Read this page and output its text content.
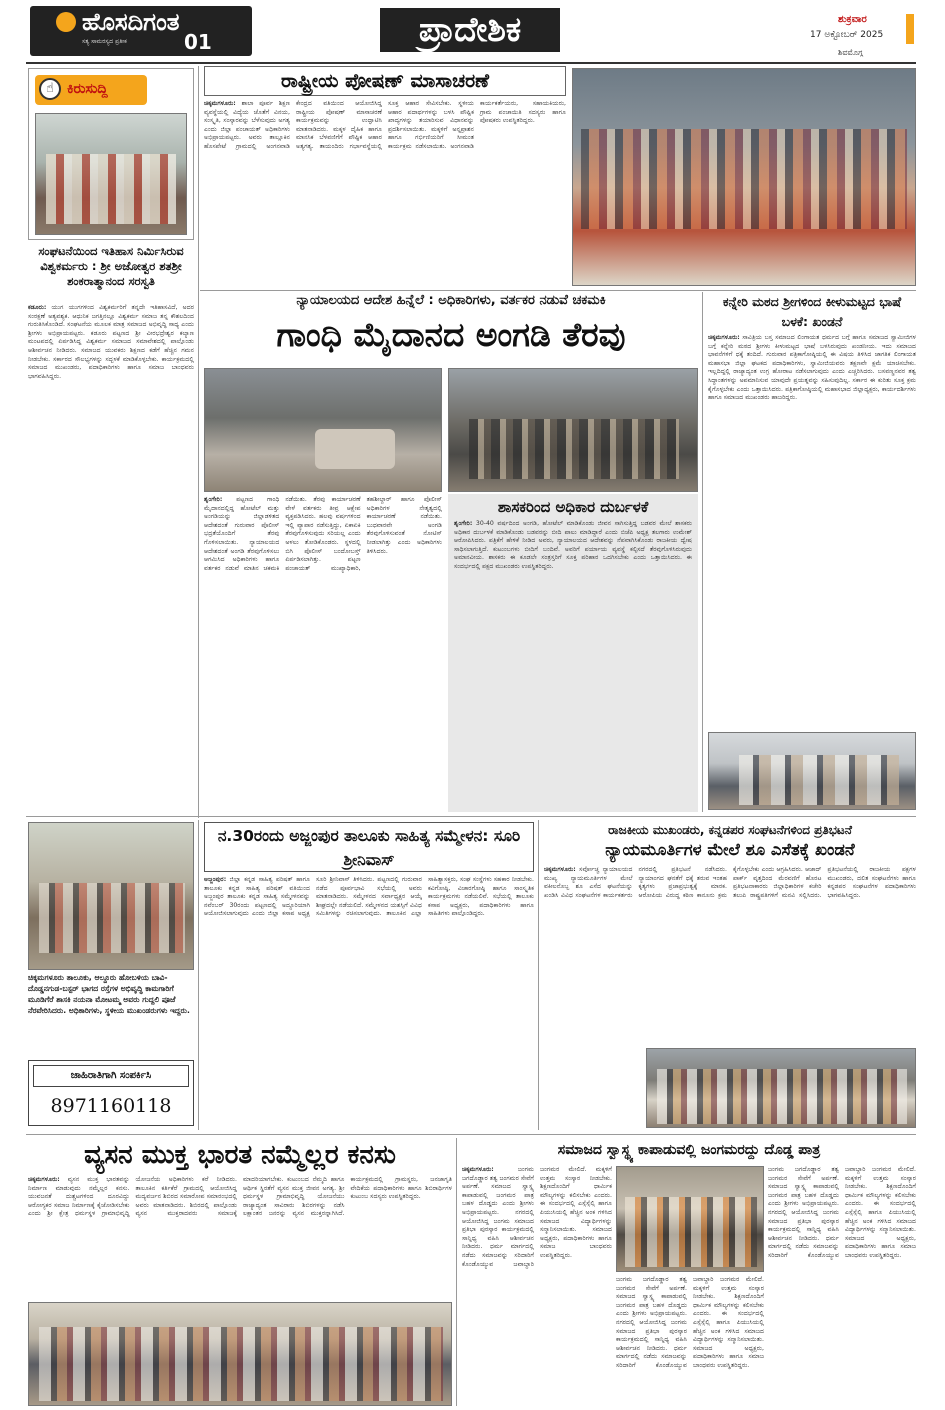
ಹೊಸದಿಗಂತ
ಸತ್ಯ ಸಾಮರಸ್ಯದ ಪ್ರತೀಕ	01	ಪ್ರಾದೇಶಿಕ	ಶುಕ್ರವಾರ
17 ಅಕ್ಟೋಬರ್ 2025
ಶಿವಮೊಗ್ಗ
☝ ಕಿರುಸುದ್ದಿ
ಸಂಘಟನೆಯಿಂದ ಇತಿಹಾಸ ನಿರ್ಮಿಸಿರುವ ವಿಶ್ವಕರ್ಮರು : ಶ್ರೀ ಅಜೋತ್ವರ ಶತಶ್ರೀ ಶಂಕರಾತ್ಮಾನಂದ ಸರಸ್ವತಿ
ಕಡೂರು: ಯುಗ ಯುಗಗಳಿಂದ ವಿಶ್ವಕರ್ಮರಿಗೆ ತನ್ನದೇ ಇತಿಹಾಸವಿದೆ, ಅದರ ಸಂರಕ್ಷಣೆ ಅತ್ಯವಶ್ಯಕ. ಆಧುನಿಕ ಜಗತ್ತಿನಲ್ಲೂ ವಿಶ್ವಕರ್ಮ ಸಮಾಜ ತನ್ನ ಕೌಶಲದಿಂದ ಗುರುತಿಸಿಕೊಂಡಿದೆ. ಸಂಘಟನೆಯ ಮೂಲಕ ಮಾತ್ರ ಸಮಾಜದ ಅಭಿವೃದ್ಧಿ ಸಾಧ್ಯ ಎಂದು ಶ್ರೀಗಳು ಅಭಿಪ್ರಾಯಪಟ್ಟರು. ಕಡೂರು ಪಟ್ಟಣದ ಶ್ರೀ ವೀರಭದ್ರೇಶ್ವರ ಕಲ್ಯಾಣ ಮಂಟಪದಲ್ಲಿ ಏರ್ಪಡಿಸಿದ್ದ ವಿಶ್ವಕರ್ಮ ಸಮಾಜದ ಸಮಾವೇಶದಲ್ಲಿ ಪಾಲ್ಗೊಂಡು ಆಶೀರ್ವಚನ ನೀಡಿದರು. ಸಮಾಜದ ಯುವಕರು ಶಿಕ್ಷಣದ ಕಡೆಗೆ ಹೆಚ್ಚಿನ ಗಮನ ನೀಡಬೇಕು. ಸರ್ಕಾರದ ಸೌಲಭ್ಯಗಳನ್ನು ಸದ್ಬಳಕೆ ಮಾಡಿಕೊಳ್ಳಬೇಕು. ಕಾರ್ಯಕ್ರಮದಲ್ಲಿ ಸಮಾಜದ ಮುಖಂಡರು, ಪದಾಧಿಕಾರಿಗಳು ಹಾಗೂ ಸಮಾಜ ಬಾಂಧವರು ಭಾಗವಹಿಸಿದ್ದರು.
ರಾಷ್ಟ್ರೀಯ ಪೋಷಣ್ ಮಾಸಾಚರಣೆ
ಚಿಕ್ಕಮಗಳೂರು: ಶಾಲಾ ಪೂರ್ವ ಶಿಕ್ಷಣ ವ್ಯವಸ್ಥೆಯಲ್ಲಿ ವಿದ್ಯೆಯ ಜೊತೆಗೆ ವಿನಯ, ಸಂಸ್ಕೃತಿ, ಸಂಸ್ಕಾರವನ್ನು ಬೆಳೆಸುವುದು ಅಗತ್ಯ ಎಂದು ಜಿಲ್ಲಾ ಪಂಚಾಯತ್ ಅಧಿಕಾರಿಗಳು ಅಭಿಪ್ರಾಯಪಟ್ಟರು. ಅವರು ತಾಲ್ಲೂಕಿನ ಹೊಸಪೇಟೆ ಗ್ರಾಮದಲ್ಲಿ ಅಂಗನವಾಡಿ ಕೇಂದ್ರದ ವತಿಯಿಂದ ಆಯೋಜಿಸಿದ್ದ ರಾಷ್ಟ್ರೀಯ ಪೋಷಣ್ ಮಾಸಾಚರಣೆ ಕಾರ್ಯಕ್ರಮವನ್ನು ಉದ್ಘಾಟಿಸಿ ಮಾತನಾಡಿದರು. ಮಕ್ಕಳ ದೈಹಿಕ ಹಾಗೂ ಮಾನಸಿಕ ಬೆಳವಣಿಗೆಗೆ ಪೌಷ್ಟಿಕ ಆಹಾರ ಅತ್ಯಗತ್ಯ. ತಾಯಂದಿರು ಗರ್ಭಾವಸ್ಥೆಯಲ್ಲಿ ಸೂಕ್ತ ಆಹಾರ ಸೇವಿಸಬೇಕು. ಸ್ಥಳೀಯ ಆಹಾರ ಪದಾರ್ಥಗಳನ್ನು ಬಳಸಿ ಪೌಷ್ಟಿಕ ಖಾದ್ಯಗಳನ್ನು ತಯಾರಿಸುವ ವಿಧಾನವನ್ನು ಪ್ರದರ್ಶಿಸಲಾಯಿತು. ಮಕ್ಕಳಿಗೆ ಅನ್ನಪ್ರಾಶನ ಹಾಗೂ ಗರ್ಭಿಣಿಯರಿಗೆ ಸೀಮಂತ ಕಾರ್ಯಕ್ರಮ ನಡೆಸಲಾಯಿತು. ಅಂಗನವಾಡಿ ಕಾರ್ಯಕರ್ತೆಯರು, ಸಹಾಯಕಿಯರು, ಗ್ರಾಮ ಪಂಚಾಯಿತಿ ಸದಸ್ಯರು ಹಾಗೂ ಪೋಷಕರು ಉಪಸ್ಥಿತರಿದ್ದರು.
ನ್ಯಾಯಾಲಯದ ಆದೇಶ ಹಿನ್ನೆಲೆ : ಅಧಿಕಾರಿಗಳು, ವರ್ತಕರ ನಡುವೆ ಚಕಮಕಿ
ಗಾಂಧಿ ಮೈದಾನದ ಅಂಗಡಿ ತೆರವು
ಶೃಂಗೇರಿ: ಪಟ್ಟಣದ ಗಾಂಧಿ ಮೈದಾನದಲ್ಲಿದ್ದ ಹೋಟೆಲ್ ಮತ್ತು ಅಂಗಡಿಯನ್ನು ಜಿಲ್ಲಾಡಳಿತದ ಆದೇಶದಂತೆ ಗುರುವಾರ ಪೊಲೀಸ್ ಭದ್ರತೆಯೊಂದಿಗೆ ತೆರವು ಗೊಳಿಸಲಾಯಿತು. ನ್ಯಾಯಾಲಯದ ಆದೇಶದಂತೆ ಅಂಗಡಿ ತೆರವುಗೊಳಿಸಲು ಆಗಮಿಸಿದ ಅಧಿಕಾರಿಗಳು ಹಾಗೂ ವರ್ತಕರ ನಡುವೆ ಮಾತಿನ ಚಕಮಕಿ ನಡೆಯಿತು. ತೆರವು ಕಾರ್ಯಾಚರಣೆ ವೇಳೆ ವರ್ತಕರು ತೀವ್ರ ಆಕ್ಷೇಪ ವ್ಯಕ್ತಪಡಿಸಿದರು. ಹಲವು ವರ್ಷಗಳಿಂದ ಇಲ್ಲಿ ವ್ಯಾಪಾರ ನಡೆಸುತ್ತಿದ್ದು, ಏಕಾಏಕಿ ತೆರವುಗೊಳಿಸುವುದು ಸರಿಯಲ್ಲ ಎಂದು ಅಳಲು ತೋಡಿಕೊಂಡರು. ಸ್ಥಳದಲ್ಲಿ ಬಿಗಿ ಪೊಲೀಸ್ ಬಂದೋಬಸ್ತ್ ಏರ್ಪಡಿಸಲಾಗಿತ್ತು. ಪಟ್ಟಣ ಪಂಚಾಯತ್ ಮುಖ್ಯಾಧಿಕಾರಿ, ತಹಶೀಲ್ದಾರ್ ಹಾಗೂ ಪೊಲೀಸ್ ಅಧಿಕಾರಿಗಳ ನೇತೃತ್ವದಲ್ಲಿ ಕಾರ್ಯಾಚರಣೆ ನಡೆಯಿತು. ಬುಧವಾರವೇ ಅಂಗಡಿ ತೆರವುಗೊಳಿಸುವಂತೆ ನೋಟಿಸ್ ನೀಡಲಾಗಿತ್ತು ಎಂದು ಅಧಿಕಾರಿಗಳು ತಿಳಿಸಿದರು.
ಶಾಸಕರಿಂದ ಅಧಿಕಾರ ದುರ್ಬಳಕೆ
ಶೃಂಗೇರಿ: 30-40 ವರ್ಷದಿಂದ ಅಂಗಡಿ, ಹೋಟೆಲ್ ಮಾಡಿಕೊಂಡು ಜೀವನ ಸಾಗಿಸುತ್ತಿದ್ದ ಬಡವರ ಮೇಲೆ ಶಾಸಕರು ಅಧಿಕಾರ ದುರ್ಬಳಕೆ ಮಾಡಿಕೊಂಡು ಬಡವರನ್ನು ಬೀದಿ ಪಾಲು ಮಾಡಿದ್ದಾರೆ ಎಂದು ಬಿಜೆಪಿ ಅಧ್ಯಕ್ಷ ತಲಗಾರು ಉಮೇಶ್ ಆರೋಪಿಸಿದರು. ಪತ್ರಿಕೆಗೆ ಹೇಳಿಕೆ ನೀಡಿದ ಅವರು, ನ್ಯಾಯಾಲಯದ ಆದೇಶವನ್ನು ನೆಪವಾಗಿಸಿಕೊಂಡು ರಾಜಕೀಯ ದ್ವೇಷ ಸಾಧಿಸಲಾಗುತ್ತಿದೆ. ಕುಟುಂಬಗಳು ಬೀದಿಗೆ ಬಂದಿವೆ. ಅವರಿಗೆ ಪರ್ಯಾಯ ವ್ಯವಸ್ಥೆ ಕಲ್ಪಿಸದೆ ತೆರವುಗೊಳಿಸಿರುವುದು ಅಮಾನವೀಯ. ಶಾಸಕರು ಈ ಕೂಡಲೇ ಸಂತ್ರಸ್ತರಿಗೆ ಸೂಕ್ತ ಪರಿಹಾರ ಒದಗಿಸಬೇಕು ಎಂದು ಒತ್ತಾಯಿಸಿದರು. ಈ ಸಂದರ್ಭದಲ್ಲಿ ಪಕ್ಷದ ಮುಖಂಡರು ಉಪಸ್ಥಿತರಿದ್ದರು.
ಕನ್ನೇರಿ ಮಠದ ಶ್ರೀಗಳಿಂದ ಕೀಳುಮಟ್ಟದ ಭಾಷೆ ಬಳಕೆ: ಖಂಡನೆ
ಚಿಕ್ಕಮಗಳೂರು: ಸಾವಿತ್ರಿಯ ಬಸ್ತ ಸಮಾಜದ ಲಿಂಗಾಯತ ಧರ್ಮದ ಬಗ್ಗೆ ಹಾಗೂ ಸಮಾಜದ ಸ್ವಾಮೀಜಿಗಳ ಬಗ್ಗೆ ಕನ್ನೇರಿ ಮಠದ ಶ್ರೀಗಳು ಕೀಳುಮಟ್ಟದ ಭಾಷೆ ಬಳಸಿರುವುದು ಖಂಡನೀಯ. ಇದು ಸಮಾಜದ ಭಾವನೆಗಳಿಗೆ ಧಕ್ಕೆ ತಂದಿದೆ. ಗುರುವಾರ ಪತ್ರಿಕಾಗೋಷ್ಠಿಯಲ್ಲಿ ಈ ವಿಷಯ ತಿಳಿಸಿದ ಜಾಗತಿಕ ಲಿಂಗಾಯತ ಮಹಾಸಭಾ ಜಿಲ್ಲಾ ಘಟಕದ ಪದಾಧಿಕಾರಿಗಳು, ಸ್ವಾಮೀಜಿಯವರು ತಕ್ಷಣವೇ ಕ್ಷಮೆ ಯಾಚಿಸಬೇಕು. ಇಲ್ಲದಿದ್ದಲ್ಲಿ ರಾಜ್ಯಾದ್ಯಂತ ಉಗ್ರ ಹೋರಾಟ ನಡೆಸಲಾಗುವುದು ಎಂದು ಎಚ್ಚರಿಸಿದರು. ಬಸವಣ್ಣನವರ ತತ್ವ ಸಿದ್ಧಾಂತಗಳನ್ನು ಅಪಮಾನಿಸುವ ಯಾವುದೇ ಪ್ರಯತ್ನವನ್ನು ಸಹಿಸುವುದಿಲ್ಲ. ಸರ್ಕಾರ ಈ ಕುರಿತು ಸೂಕ್ತ ಕ್ರಮ ಕೈಗೊಳ್ಳಬೇಕು ಎಂದು ಒತ್ತಾಯಿಸಿದರು. ಪತ್ರಿಕಾಗೋಷ್ಠಿಯಲ್ಲಿ ಮಹಾಸಭಾದ ಜಿಲ್ಲಾಧ್ಯಕ್ಷರು, ಕಾರ್ಯದರ್ಶಿಗಳು ಹಾಗೂ ಸಮಾಜದ ಮುಖಂಡರು ಹಾಜರಿದ್ದರು.
ಚಿಕ್ಕಮಗಳೂರು ತಾಲೂಕು, ಆಲ್ದೂರು ಹೋಬಳಿಯ ಬಾವಿ-ದೊಡ್ಡನಗುಡ-ಬಸ್ಟರ್ ಭಾಗದ ರಸ್ತೆಗಳ ಅಭಿವೃದ್ಧಿ ಕಾಮಗಾರಿಗೆ ಮೂಡಿಗೆರೆ ಶಾಸಕಿ ನಯನಾ ಮೋಟಮ್ಮ ಅವರು ಗುದ್ದಲಿ ಪೂಜೆ ನೆರವೇರಿಸಿದರು. ಅಧಿಕಾರಿಗಳು, ಸ್ಥಳೀಯ ಮುಖಂಡರುಗಳು ಇದ್ದರು.
ಜಾಹಿರಾತಿಗಾಗಿ ಸಂಪರ್ಕಿಸಿ
8971160118
ನ.30ರಂದು ಅಜ್ಜಂಪುರ ತಾಲೂಕು ಸಾಹಿತ್ಯ ಸಮ್ಮೇಳನ: ಸೂರಿ ಶ್ರೀನಿವಾಸ್
ಅಜ್ಜಂಪುರ: ಜಿಲ್ಲಾ ಕನ್ನಡ ಸಾಹಿತ್ಯ ಪರಿಷತ್ ಹಾಗೂ ತಾಲೂಕು ಕನ್ನಡ ಸಾಹಿತ್ಯ ಪರಿಷತ್ ವತಿಯಿಂದ ಅಜ್ಜಂಪುರ ತಾಲೂಕು ಕನ್ನಡ ಸಾಹಿತ್ಯ ಸಮ್ಮೇಳನವನ್ನು ನವೆಂಬರ್ 30ರಂದು ಪಟ್ಟಣದಲ್ಲಿ ಅದ್ದೂರಿಯಾಗಿ ಆಯೋಜಿಸಲಾಗುವುದು ಎಂದು ಜಿಲ್ಲಾ ಕಸಾಪ ಅಧ್ಯಕ್ಷ ಸೂರಿ ಶ್ರೀನಿವಾಸ್ ತಿಳಿಸಿದರು. ಪಟ್ಟಣದಲ್ಲಿ ಗುರುವಾರ ನಡೆದ ಪೂರ್ವಭಾವಿ ಸಭೆಯಲ್ಲಿ ಅವರು ಮಾತನಾಡಿದರು. ಸಮ್ಮೇಳನದ ಸರ್ವಾಧ್ಯಕ್ಷರ ಆಯ್ಕೆ ಶೀಘ್ರದಲ್ಲೇ ನಡೆಯಲಿದೆ. ಸಮ್ಮೇಳನದ ಯಶಸ್ಸಿಗೆ ವಿವಿಧ ಸಮಿತಿಗಳನ್ನು ರಚಿಸಲಾಗುವುದು. ತಾಲೂಕಿನ ಎಲ್ಲಾ ಸಾಹಿತ್ಯಾಸಕ್ತರು, ಸಂಘ ಸಂಸ್ಥೆಗಳು ಸಹಕಾರ ನೀಡಬೇಕು. ಕವಿಗೋಷ್ಠಿ, ವಿಚಾರಗೋಷ್ಠಿ ಹಾಗೂ ಸಾಂಸ್ಕೃತಿಕ ಕಾರ್ಯಕ್ರಮಗಳು ನಡೆಯಲಿವೆ. ಸಭೆಯಲ್ಲಿ ತಾಲೂಕು ಕಸಾಪ ಅಧ್ಯಕ್ಷರು, ಪದಾಧಿಕಾರಿಗಳು ಹಾಗೂ ಸಾಹಿತಿಗಳು ಪಾಲ್ಗೊಂಡಿದ್ದರು.
ರಾಜಕೀಯ ಮುಖಂಡರು, ಕನ್ನಡಪರ ಸಂಘಟನೆಗಳಿಂದ ಪ್ರತಿಭಟನೆ
ನ್ಯಾಯಮೂರ್ತಿಗಳ ಮೇಲೆ ಶೂ ಎಸೆತಕ್ಕೆ ಖಂಡನೆ
ಚಿಕ್ಕಮಗಳೂರು: ಸರ್ವೋಚ್ಚ ನ್ಯಾಯಾಲಯದ ಮುಖ್ಯ ನ್ಯಾಯಮೂರ್ತಿಗಳ ಮೇಲೆ ವಕೀಲನೊಬ್ಬ ಶೂ ಎಸೆದ ಘಟನೆಯನ್ನು ಖಂಡಿಸಿ ವಿವಿಧ ಸಂಘಟನೆಗಳ ಕಾರ್ಯಕರ್ತರು ನಗರದಲ್ಲಿ ಪ್ರತಿಭಟನೆ ನಡೆಸಿದರು. ನ್ಯಾಯಾಂಗದ ಘನತೆಗೆ ಧಕ್ಕೆ ತರುವ ಇಂತಹ ಕೃತ್ಯಗಳು ಪ್ರಜಾಪ್ರಭುತ್ವಕ್ಕೆ ಮಾರಕ. ಆರೋಪಿಯ ವಿರುದ್ಧ ಕಠಿಣ ಕಾನೂನು ಕ್ರಮ ಕೈಗೊಳ್ಳಬೇಕು ಎಂದು ಆಗ್ರಹಿಸಿದರು. ಆಜಾದ್ ಪಾರ್ಕ್ ವೃತ್ತದಿಂದ ಮೆರವಣಿಗೆ ಹೊರಟ ಪ್ರತಿಭಟನಾಕಾರರು ಜಿಲ್ಲಾಧಿಕಾರಿಗಳ ಕಚೇರಿ ತಲುಪಿ ರಾಷ್ಟ್ರಪತಿಗಳಿಗೆ ಮನವಿ ಸಲ್ಲಿಸಿದರು. ಪ್ರತಿಭಟನೆಯಲ್ಲಿ ರಾಜಕೀಯ ಪಕ್ಷಗಳ ಮುಖಂಡರು, ದಲಿತ ಸಂಘಟನೆಗಳು ಹಾಗೂ ಕನ್ನಡಪರ ಸಂಘಟನೆಗಳ ಪದಾಧಿಕಾರಿಗಳು ಭಾಗವಹಿಸಿದ್ದರು.
ವ್ಯಸನ ಮುಕ್ತ ಭಾರತ ನಮ್ಮೆಲ್ಲರ ಕನಸು
ಚಿಕ್ಕಮಗಳೂರು: ವ್ಯಸನ ಮುಕ್ತ ಭಾರತವನ್ನು ನಿರ್ಮಾಣ ಮಾಡುವುದು ನಮ್ಮೆಲ್ಲರ ಕನಸು. ಯುವಜನತೆ ದುಶ್ಚಟಗಳಿಂದ ದೂರವಿದ್ದು ಆರೋಗ್ಯಕರ ಸಮಾಜ ನಿರ್ಮಾಣಕ್ಕೆ ಕೈಜೋಡಿಸಬೇಕು ಎಂದು ಶ್ರೀ ಕ್ಷೇತ್ರ ಧರ್ಮಸ್ಥಳ ಗ್ರಾಮಾಭಿವೃದ್ಧಿ ಯೋಜನೆಯ ಅಧಿಕಾರಿಗಳು ಕರೆ ನೀಡಿದರು. ತಾಲೂಕಿನ ಕರ್ತಿಕೆರೆ ಗ್ರಾಮದಲ್ಲಿ ಆಯೋಜಿಸಿದ್ದ ಮದ್ಯವರ್ಜನ ಶಿಬಿರದ ಸಮಾರೋಪ ಸಮಾರಂಭದಲ್ಲಿ ಅವರು ಮಾತನಾಡಿದರು. ಶಿಬಿರದಲ್ಲಿ ಪಾಲ್ಗೊಂಡು ವ್ಯಸನ ಮುಕ್ತರಾದವರು ಸಮಾಜಕ್ಕೆ ಮಾದರಿಯಾಗಬೇಕು. ಕುಟುಂಬದ ನೆಮ್ಮದಿ ಹಾಗೂ ಆರ್ಥಿಕ ಸ್ಥಿರತೆಗೆ ವ್ಯಸನ ಮುಕ್ತ ಜೀವನ ಅಗತ್ಯ. ಶ್ರೀ ಧರ್ಮಸ್ಥಳ ಗ್ರಾಮಾಭಿವೃದ್ಧಿ ಯೋಜನೆಯು ರಾಜ್ಯಾದ್ಯಂತ ಸಾವಿರಾರು ಶಿಬಿರಗಳನ್ನು ನಡೆಸಿ ಲಕ್ಷಾಂತರ ಜನರನ್ನು ವ್ಯಸನ ಮುಕ್ತರನ್ನಾಗಿಸಿದೆ. ಕಾರ್ಯಕ್ರಮದಲ್ಲಿ ಗ್ರಾಮಸ್ಥರು, ಜನಜಾಗೃತಿ ವೇದಿಕೆಯ ಪದಾಧಿಕಾರಿಗಳು ಹಾಗೂ ಶಿಬಿರಾರ್ಥಿಗಳ ಕುಟುಂಬ ಸದಸ್ಯರು ಉಪಸ್ಥಿತರಿದ್ದರು.
ಸಮಾಜದ ಸ್ವಾಸ್ಥ್ಯ ಕಾಪಾಡುವಲ್ಲಿ ಜಂಗಮರದ್ದು ದೊಡ್ಡ ಪಾತ್ರ
ಚಿಕ್ಕಮಗಳೂರು:	ಜಂಗಮ ಜಗದೊಡ್ಡಾರ ತತ್ವ ಜಂಗಮರ ಸೇವೆಗೆ ಅರ್ಪಣೆ. ಸಮಾಜದ ಸ್ವಾಸ್ಥ್ಯ ಕಾಪಾಡುವಲ್ಲಿ ಜಂಗಮರ ಪಾತ್ರ ಬಹಳ ದೊಡ್ಡದು ಎಂದು ಶ್ರೀಗಳು ಅಭಿಪ್ರಾಯಪಟ್ಟರು. ನಗರದಲ್ಲಿ ಆಯೋಜಿಸಿದ್ದ ಜಂಗಮ ಸಮಾಜದ ಪ್ರತಿಭಾ ಪುರಸ್ಕಾರ ಕಾರ್ಯಕ್ರಮದಲ್ಲಿ ಸಾನ್ನಿಧ್ಯ ವಹಿಸಿ ಆಶೀರ್ವಚನ ನೀಡಿದರು. ಧರ್ಮ ಮಾರ್ಗದಲ್ಲಿ ನಡೆದು ಸಮಾಜವನ್ನು ಸರಿದಾರಿಗೆ ಕೊಂಡೊಯ್ಯುವ ಜವಾಬ್ದಾರಿ ಜಂಗಮರ ಮೇಲಿದೆ. ಮಕ್ಕಳಿಗೆ ಉತ್ತಮ ಸಂಸ್ಕಾರ ನೀಡಬೇಕು. ಶಿಕ್ಷಣದೊಂದಿಗೆ ಧಾರ್ಮಿಕ ಮೌಲ್ಯಗಳನ್ನು ಕಲಿಸಬೇಕು ಎಂದರು. ಈ ಸಂದರ್ಭದಲ್ಲಿ ಎಸ್ಸೆಸ್ಸೆಲ್ಸಿ ಹಾಗೂ ಪಿಯುಸಿಯಲ್ಲಿ ಹೆಚ್ಚಿನ ಅಂಕ ಗಳಿಸಿದ ಸಮಾಜದ ವಿದ್ಯಾರ್ಥಿಗಳನ್ನು ಸನ್ಮಾನಿಸಲಾಯಿತು. ಸಮಾಜದ ಅಧ್ಯಕ್ಷರು, ಪದಾಧಿಕಾರಿಗಳು ಹಾಗೂ ಸಮಾಜ ಬಾಂಧವರು ಉಪಸ್ಥಿತರಿದ್ದರು.
ಜಂಗಮ ಜಗದೊಡ್ಡಾರ ತತ್ವ ಜಂಗಮರ ಸೇವೆಗೆ ಅರ್ಪಣೆ. ಸಮಾಜದ ಸ್ವಾಸ್ಥ್ಯ ಕಾಪಾಡುವಲ್ಲಿ ಜಂಗಮರ ಪಾತ್ರ ಬಹಳ ದೊಡ್ಡದು ಎಂದು ಶ್ರೀಗಳು ಅಭಿಪ್ರಾಯಪಟ್ಟರು. ನಗರದಲ್ಲಿ ಆಯೋಜಿಸಿದ್ದ ಜಂಗಮ ಸಮಾಜದ ಪ್ರತಿಭಾ ಪುರಸ್ಕಾರ ಕಾರ್ಯಕ್ರಮದಲ್ಲಿ ಸಾನ್ನಿಧ್ಯ ವಹಿಸಿ ಆಶೀರ್ವಚನ ನೀಡಿದರು. ಧರ್ಮ ಮಾರ್ಗದಲ್ಲಿ ನಡೆದು ಸಮಾಜವನ್ನು ಸರಿದಾರಿಗೆ ಕೊಂಡೊಯ್ಯುವ ಜವಾಬ್ದಾರಿ ಜಂಗಮರ ಮೇಲಿದೆ. ಮಕ್ಕಳಿಗೆ ಉತ್ತಮ ಸಂಸ್ಕಾರ ನೀಡಬೇಕು. ಶಿಕ್ಷಣದೊಂದಿಗೆ ಧಾರ್ಮಿಕ ಮೌಲ್ಯಗಳನ್ನು ಕಲಿಸಬೇಕು ಎಂದರು. ಈ ಸಂದರ್ಭದಲ್ಲಿ ಎಸ್ಸೆಸ್ಸೆಲ್ಸಿ ಹಾಗೂ ಪಿಯುಸಿಯಲ್ಲಿ ಹೆಚ್ಚಿನ ಅಂಕ ಗಳಿಸಿದ ಸಮಾಜದ ವಿದ್ಯಾರ್ಥಿಗಳನ್ನು ಸನ್ಮಾನಿಸಲಾಯಿತು. ಸಮಾಜದ ಅಧ್ಯಕ್ಷರು, ಪದಾಧಿಕಾರಿಗಳು ಹಾಗೂ ಸಮಾಜ ಬಾಂಧವರು ಉಪಸ್ಥಿತರಿದ್ದರು.
ಜಂಗಮ ಜಗದೊಡ್ಡಾರ ತತ್ವ ಜಂಗಮರ ಸೇವೆಗೆ ಅರ್ಪಣೆ. ಸಮಾಜದ ಸ್ವಾಸ್ಥ್ಯ ಕಾಪಾಡುವಲ್ಲಿ ಜಂಗಮರ ಪಾತ್ರ ಬಹಳ ದೊಡ್ಡದು ಎಂದು ಶ್ರೀಗಳು ಅಭಿಪ್ರಾಯಪಟ್ಟರು. ನಗರದಲ್ಲಿ ಆಯೋಜಿಸಿದ್ದ ಜಂಗಮ ಸಮಾಜದ ಪ್ರತಿಭಾ ಪುರಸ್ಕಾರ ಕಾರ್ಯಕ್ರಮದಲ್ಲಿ ಸಾನ್ನಿಧ್ಯ ವಹಿಸಿ ಆಶೀರ್ವಚನ ನೀಡಿದರು. ಧರ್ಮ ಮಾರ್ಗದಲ್ಲಿ ನಡೆದು ಸಮಾಜವನ್ನು ಸರಿದಾರಿಗೆ ಕೊಂಡೊಯ್ಯುವ ಜವಾಬ್ದಾರಿ ಜಂಗಮರ ಮೇಲಿದೆ. ಮಕ್ಕಳಿಗೆ ಉತ್ತಮ ಸಂಸ್ಕಾರ ನೀಡಬೇಕು. ಶಿಕ್ಷಣದೊಂದಿಗೆ ಧಾರ್ಮಿಕ ಮೌಲ್ಯಗಳನ್ನು ಕಲಿಸಬೇಕು ಎಂದರು. ಈ ಸಂದರ್ಭದಲ್ಲಿ ಎಸ್ಸೆಸ್ಸೆಲ್ಸಿ ಹಾಗೂ ಪಿಯುಸಿಯಲ್ಲಿ ಹೆಚ್ಚಿನ ಅಂಕ ಗಳಿಸಿದ ಸಮಾಜದ ವಿದ್ಯಾರ್ಥಿಗಳನ್ನು ಸನ್ಮಾನಿಸಲಾಯಿತು. ಸಮಾಜದ ಅಧ್ಯಕ್ಷರು, ಪದಾಧಿಕಾರಿಗಳು ಹಾಗೂ ಸಮಾಜ ಬಾಂಧವರು ಉಪಸ್ಥಿತರಿದ್ದರು.
